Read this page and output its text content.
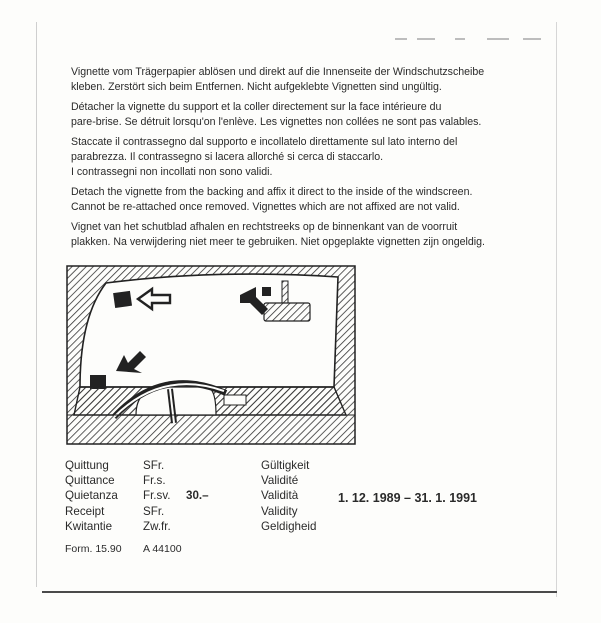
Vignette vom Trägerpapier ablösen und direkt auf die Innenseite der Windschutzscheibe
kleben. Zerstört sich beim Entfernen. Nicht aufgeklebte Vignetten sind ungültig.

Détacher la vignette du support et la coller directement sur la face intérieure du
pare-brise. Se détruit lorsqu'on l'enlève. Les vignettes non collées ne sont pas valables.

Staccate il contrassegno dal supporto e incollatelo direttamente sul lato interno del
parabrezza. Il contrassegno si lacera allorché si cerca di staccarlo.
I contrassegni non incollati non sono validi.

Detach the vignette from the backing and affix it direct to the inside of the windscreen.
Cannot be re-attached once removed. Vignettes which are not affixed are not valid.

Vignet van het schutblad afhalen en rechtstreeks op de binnenkant van de voorruit
plakken. Na verwijdering niet meer te gebruiken. Niet opgeplakte vignetten zijn ongeldig.

Quittung
Quittance
Quietanza
Receipt
Kwitantie
SFr.
Fr.s.
Fr.sv.
SFr.
Zw.fr.
30.–
Gültigkeit
Validité
Validità
Validity
Geldigheid
1. 12. 1989 – 31. 1. 1991
Form. 15.90 A 44100
